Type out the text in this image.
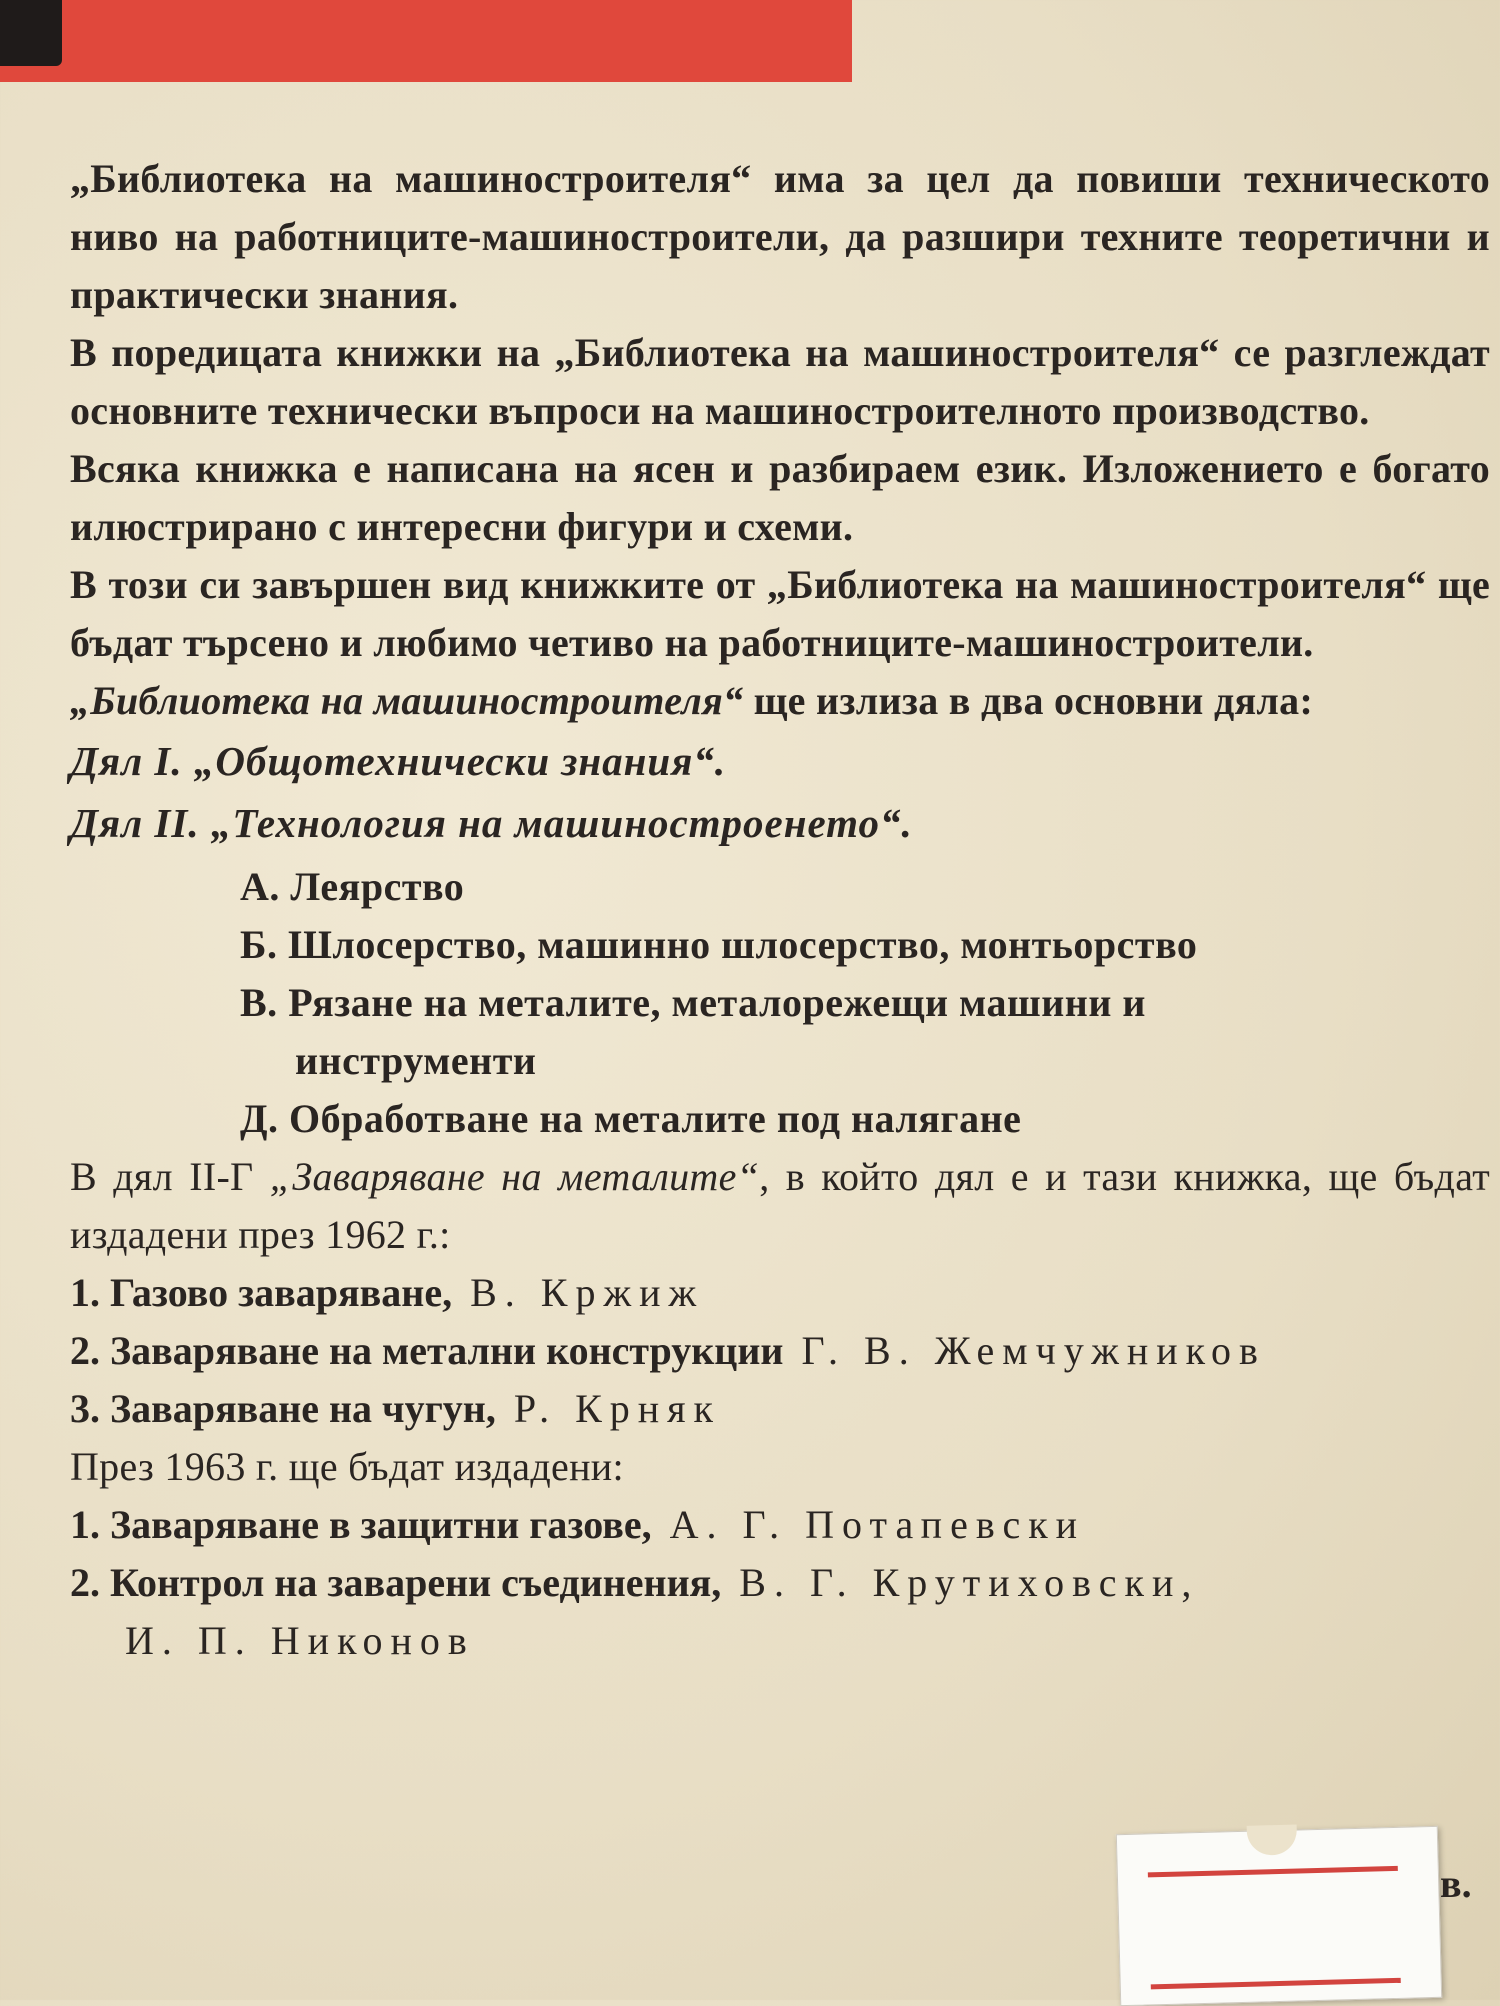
„Библиотека на машиностроителя“ има за цел да повиши техническото ниво на работниците-машиностроители, да разшири техните теоретични и практически знания.

В поредицата книжки на „Библиотека на машиностроителя“ се разглеждат основните технически въпроси на машиностроителното производство.

Всяка книжка е написана на ясен и разбираем език. Изложението е богато илюстрирано с интересни фигури и схеми.

В този си завършен вид книжките от „Библиотека на машиностроителя“ ще бъдат търсено и любимо четиво на работниците-машиностроители.

„Библиотека на машиностроителя“ ще излиза в два основни дяла:

Дял I. „Общотехнически знания“.

Дял II. „Технология на машиностроенето“.

А. Леярство
Б. Шлосерство, машинно шлосерство, монтьорство
В. Рязане на металите, металорежещи машини и
инструменти
Д. Обработване на металите под налягане

В дял II-Г „Заваряване на металите“, в който дял е и тази книжка, ще бъдат издадени през 1962 г.:

1. Газово заваряване, В. Кржиж
2. Заваряване на метални конструкции Г. В. Жемчужников
3. Заваряване на чугун, Р. Крняк

През 1963 г. ще бъдат издадени:

1. Заваряване в защитни газове, А. Г. Потапевски
2. Контрол на заварени съединения, В. Г. Крутиховски,
И. П. Никонов
в.
